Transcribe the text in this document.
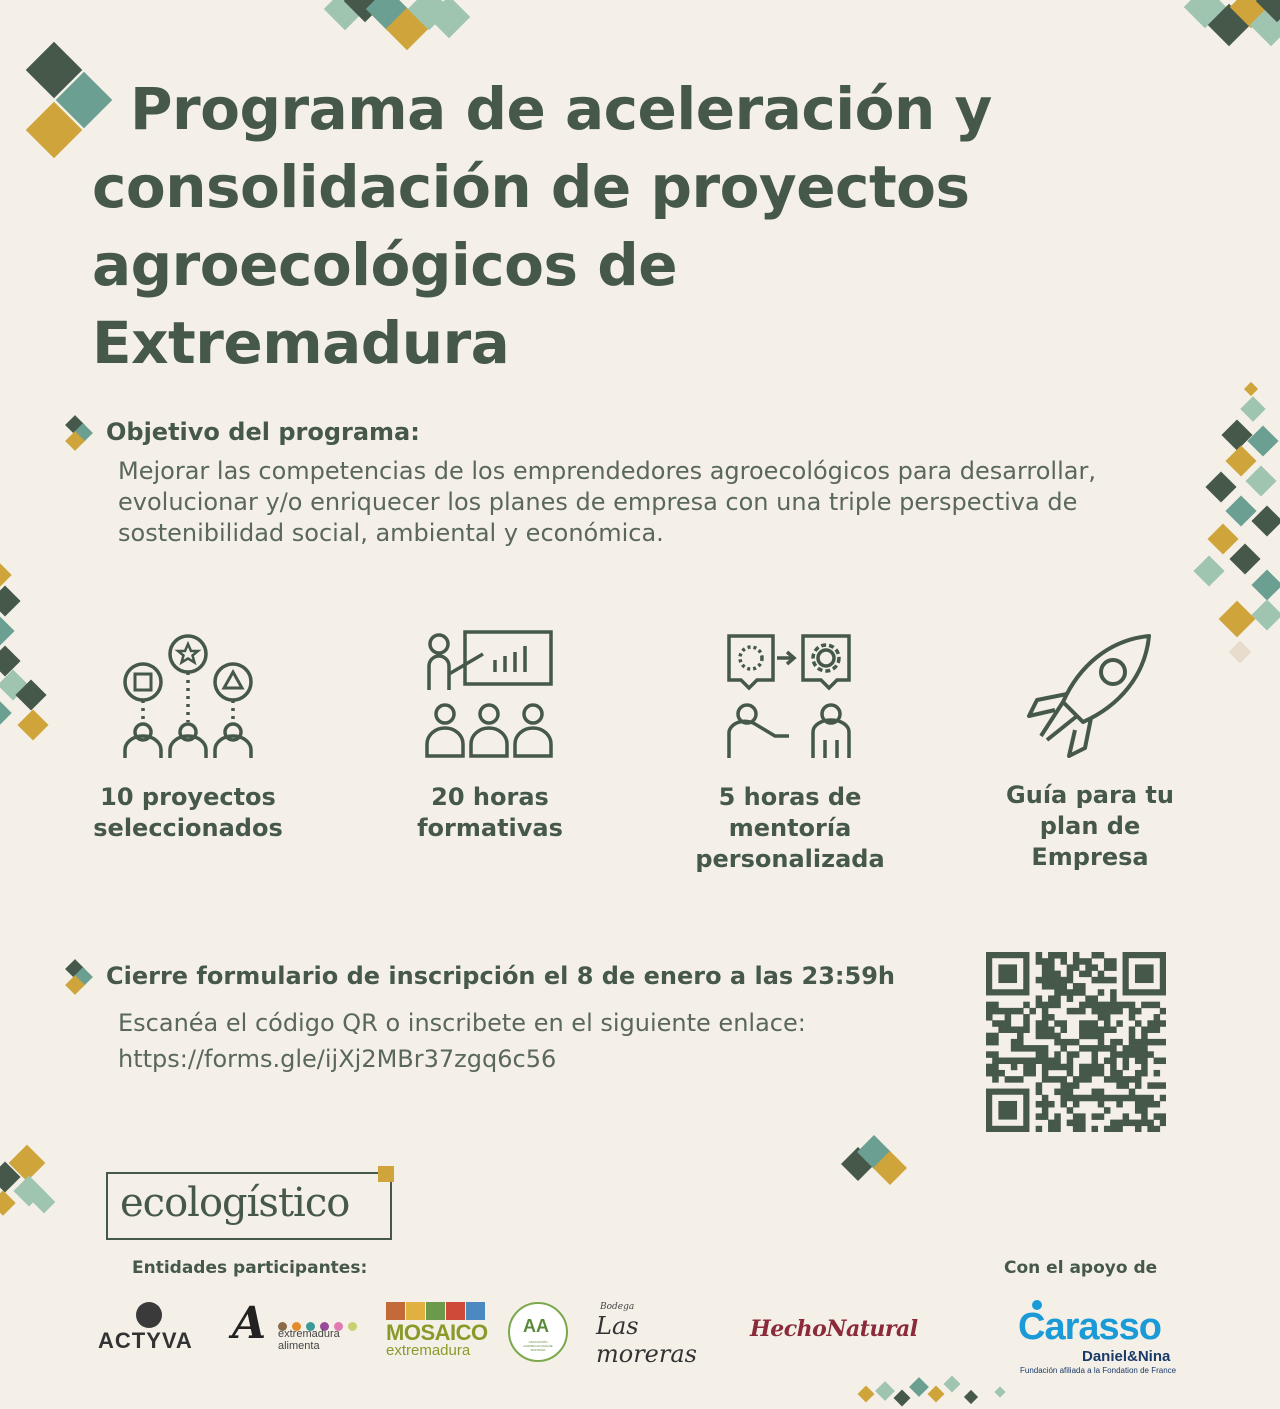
Programa de aceleración y
consolidación de proyectos
agroecológicos de
Extremadura
Objetivo del programa:
Mejorar las competencias de los emprendedores agroecológicos para desarrollar, evolucionar y/o enriquecer los planes de empresa con una triple perspectiva de sostenibilidad social, ambiental y económica.
10 proyectos
seleccionados
20 horas
formativas
5 horas de
mentoría
personalizada
Guía para tu
plan de
Empresa
Cierre formulario de inscripción el 8 de enero a las 23:59h
Escanéa el código QR o inscribete en el siguiente enlace:
https://forms.gle/ijXj2MBr37zgq6c56
ecologístico
Entidades participantes:	Con el apoyo de
ACTYVA A
extremadura
alimenta
MOSAICO
extremadura
AA
ASOCIACIÓN AGROECOLOGÍA DE MONTAÑA
Bodega
Las moreras
HechoNatural	Carasso
Daniel&Nina
Fundación afiliada a la Fondation de France
